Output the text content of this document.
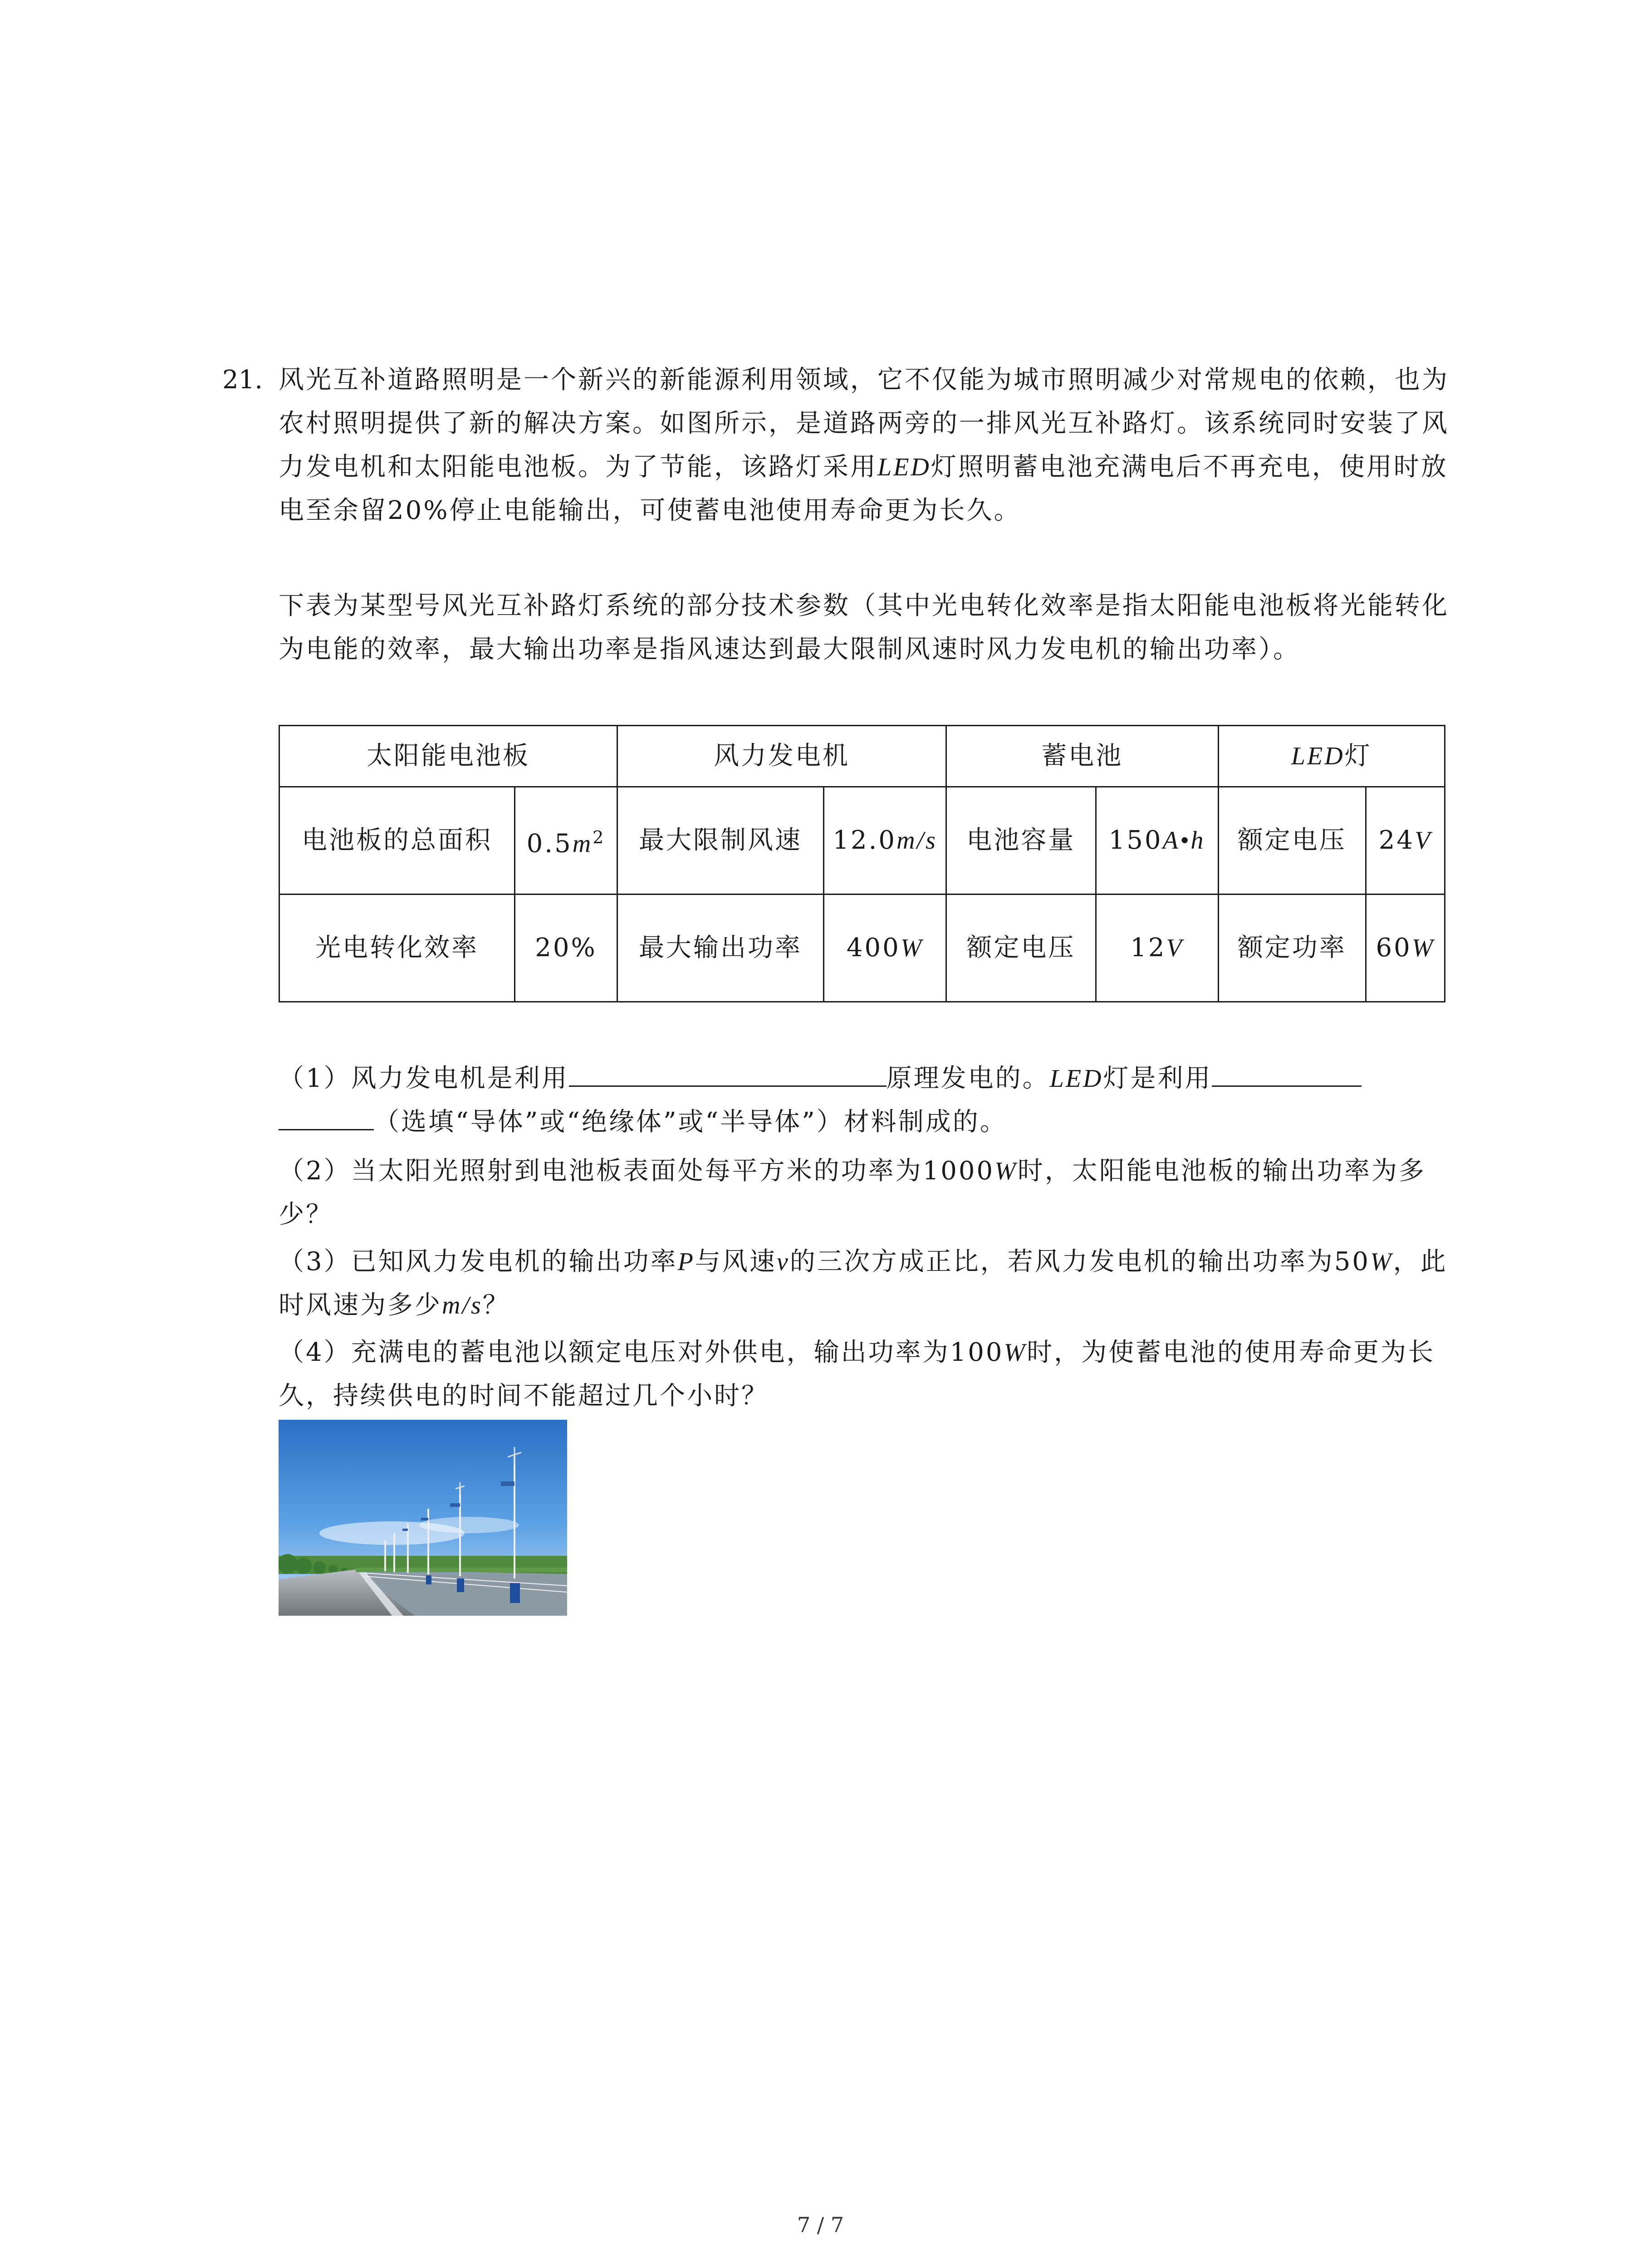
21. 风光互补道路照明是一个新兴的新能源利用领域，它不仅能为城市照明减少对常规电的依赖，也为农村照明提供了新的解决方案。如图所示，是道路两旁的一排风光互补路灯。该系统同时安装了风力发电机和太阳能电池板。为了节能，该路灯采用LED灯照明蓄电池充满电后不再充电，使用时放电至余留20%停止电能输出，可使蓄电池使用寿命更为长久。
下表为某型号风光互补路灯系统的部分技术参数（其中光电转化效率是指太阳能电池板将光能转化为电能的效率，最大输出功率是指风速达到最大限制风速时风力发电机的输出功率）。
太阳能电池板		风力发电机		蓄电池		LED灯	
电池板的总面积	$0.5m^2$	最大限制风速	12.0m/s	电池容量	150A•h	额定电压	24V
光电转化效率	20%	最大输出功率	400W	额定电压	12V	额定功率	60W
（1）风力发电机是利用	原理发电的。LED灯是利用
（选填“导体”或“绝缘体”或“半导体”）材料制成的。
（2）当太阳光照射到电池板表面处每平方米的功率为1000W时，太阳能电池板的输出功率为多少？
（3）已知风力发电机的输出功率P与风速v的三次方成正比，若风力发电机的输出功率为50W，此时风速为多少m/s？
（4）充满电的蓄电池以额定电压对外供电，输出功率为100W时，为使蓄电池的使用寿命更为长久，持续供电的时间不能超过几个小时？
7 / 7
